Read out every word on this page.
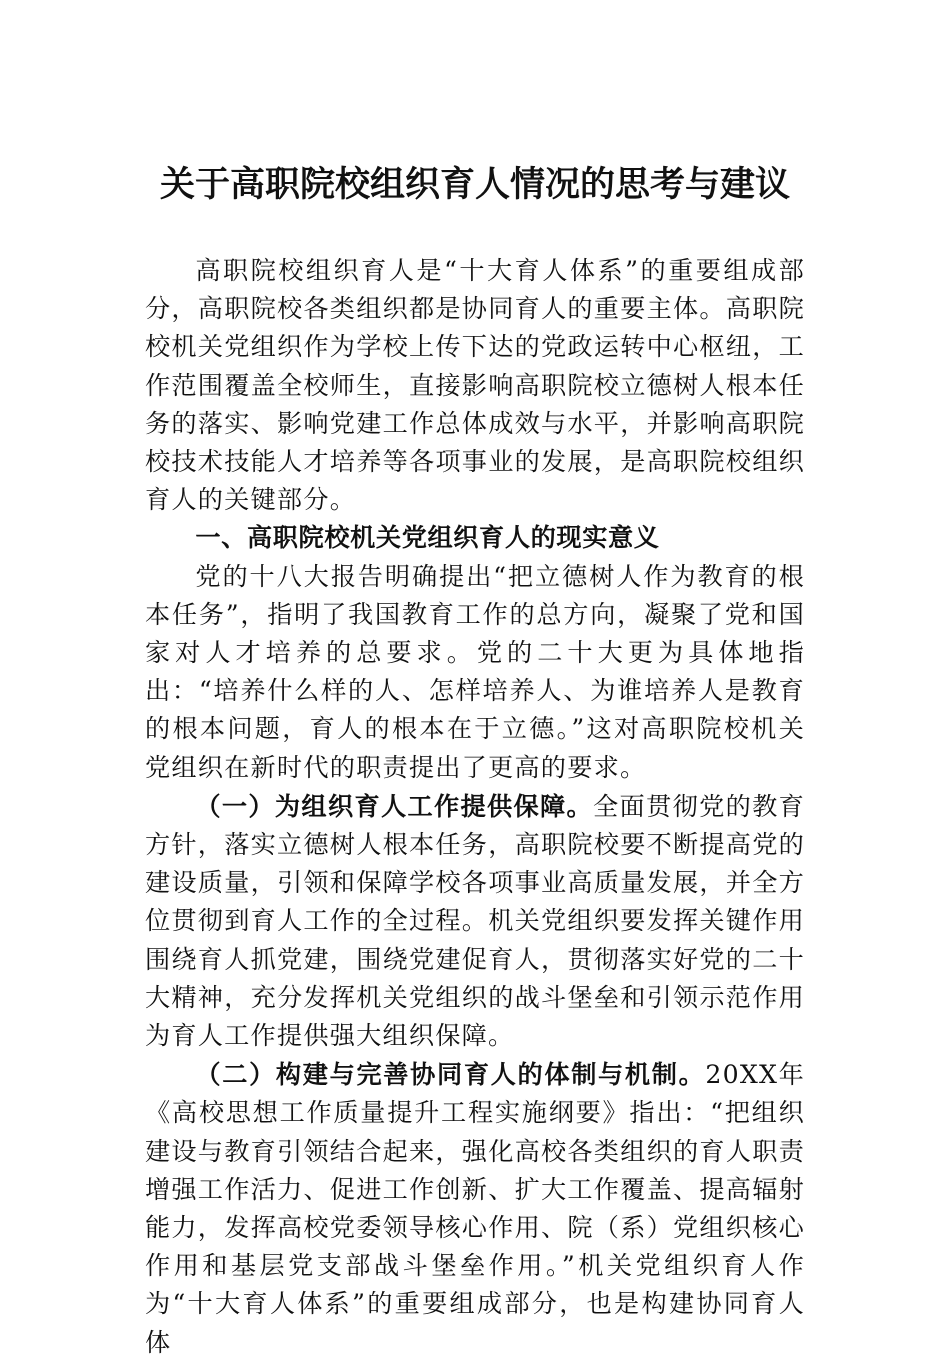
关于高职院校组织育人情况的思考与建议

高职院校组织育人是“十大育人体系”的重要组成部分，高职院校各类组织都是协同育人的重要主体。高职院校机关党组织作为学校上传下达的党政运转中心枢纽，工作范围覆盖全校师生，直接影响高职院校立德树人根本任务的落实、影响党建工作总体成效与水平，并影响高职院校技术技能人才培养等各项事业的发展，是高职院校组织育人的关键部分。

一、高职院校机关党组织育人的现实意义

党的十八大报告明确提出“把立德树人作为教育的根本任务”，指明了我国教育工作的总方向，凝聚了党和国家对人才培养的总要求。党的二十大更为具体地指出：“培养什么样的人、怎样培养人、为谁培养人是教育的根本问题，育人的根本在于立德。”这对高职院校机关党组织在新时代的职责提出了更高的要求。

（一）为组织育人工作提供保障。全面贯彻党的教育方针，落实立德树人根本任务，高职院校要不断提高党的建设质量，引领和保障学校各项事业高质量发展，并全方位贯彻到育人工作的全过程。机关党组织要发挥关键作用围绕育人抓党建，围绕党建促育人，贯彻落实好党的二十大精神，充分发挥机关党组织的战斗堡垒和引领示范作用为育人工作提供强大组织保障。

（二）构建与完善协同育人的体制与机制。20XX年《高校思想工作质量提升工程实施纲要》指出：“把组织建设与教育引领结合起来，强化高校各类组织的育人职责增强工作活力、促进工作创新、扩大工作覆盖、提高辐射能力，发挥高校党委领导核心作用、院（系）党组织核心作用和基层党支部战斗堡垒作用。”机关党组织育人作为“十大育人体系”的重要组成部分，也是构建协同育人体
